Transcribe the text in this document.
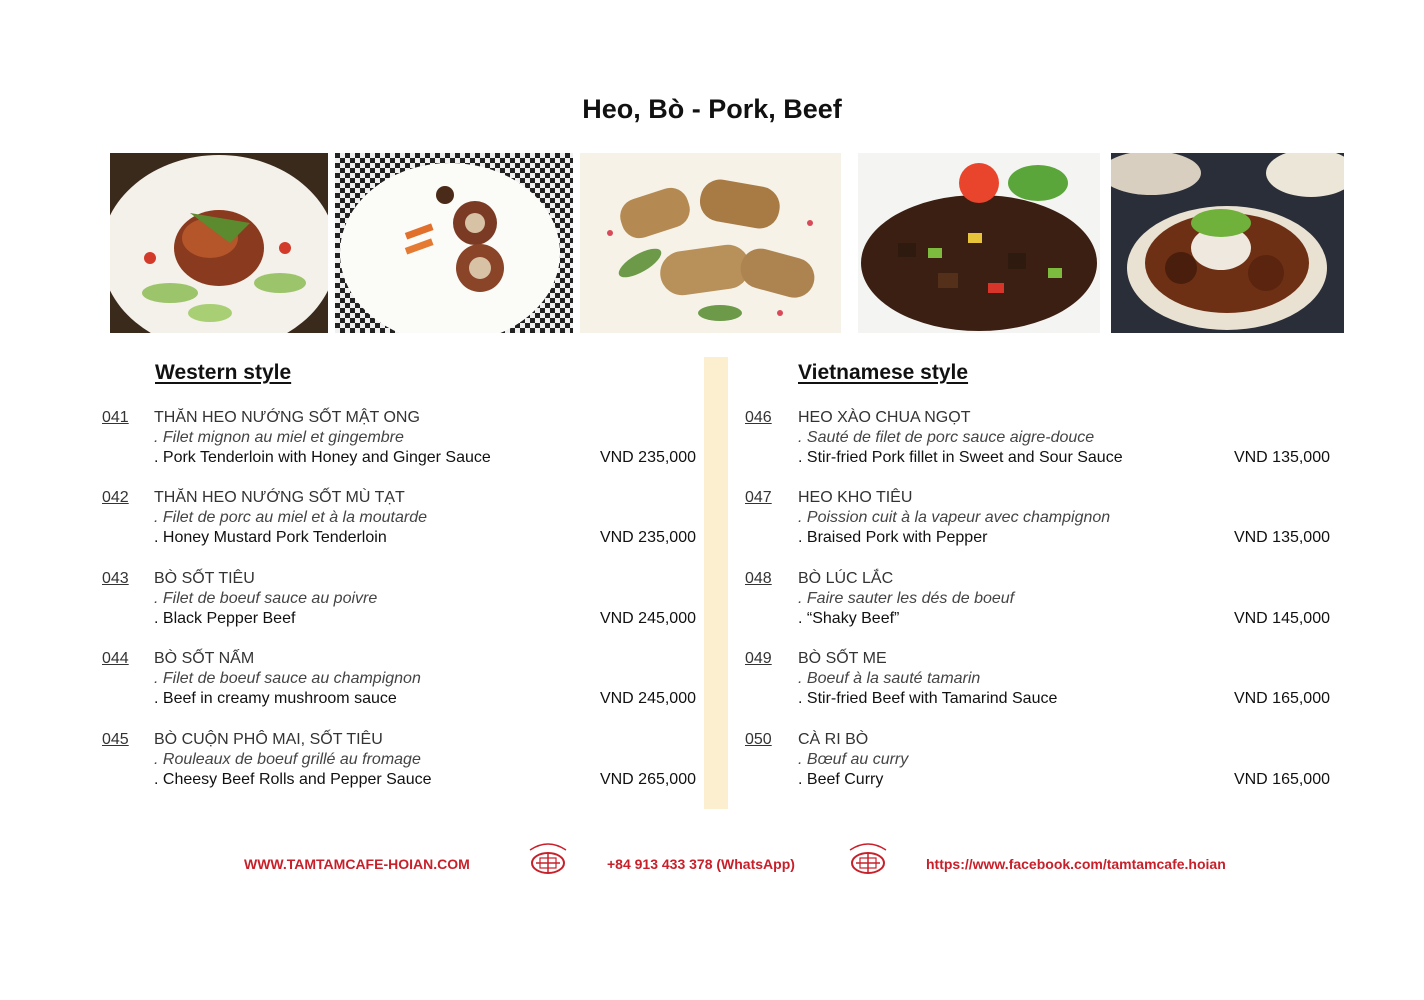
Heo, Bò - Pork, Beef
Western style	Vietnamese style
041 THĂN HEO NƯỚNG SỐT MẬT ONG
. Filet mignon au miel et gingembre
. Pork Tenderloin with Honey and Ginger Sauce	VND 235,000
042 THĂN HEO NƯỚNG SỐT MÙ TẠT
. Filet de porc au miel et à la moutarde
. Honey Mustard Pork Tenderloin	VND 235,000
043 BÒ SỐT TIÊU
. Filet de boeuf sauce au poivre
. Black Pepper Beef	VND 245,000
044 BÒ SỐT NẤM
. Filet de boeuf sauce au champignon
. Beef in creamy mushroom sauce	VND 245,000
045 BÒ CUỘN PHÔ MAI, SỐT TIÊU
. Rouleaux de boeuf grillé au fromage
. Cheesy Beef Rolls and Pepper Sauce	VND 265,000
046 HEO XÀO CHUA NGỌT
. Sauté de filet de porc sauce aigre-douce
. Stir-fried Pork fillet in Sweet and Sour Sauce	VND 135,000
047 HEO KHO TIÊU
. Poission cuit à la vapeur avec champignon
. Braised Pork with Pepper	VND 135,000
048 BÒ LÚC LẮC
. Faire sauter les dés de boeuf
. “Shaky Beef”	VND 145,000
049 BÒ SỐT ME
. Boeuf à la sauté tamarin
. Stir-fried Beef with Tamarind Sauce	VND 165,000
050 CÀ RI BÒ
. Bœuf au curry
. Beef Curry	VND 165,000
WWW.TAMTAMCAFE-HOIAN.COM	+84 913 433 378 (WhatsApp)	https://www.facebook.com/tamtamcafe.hoian
